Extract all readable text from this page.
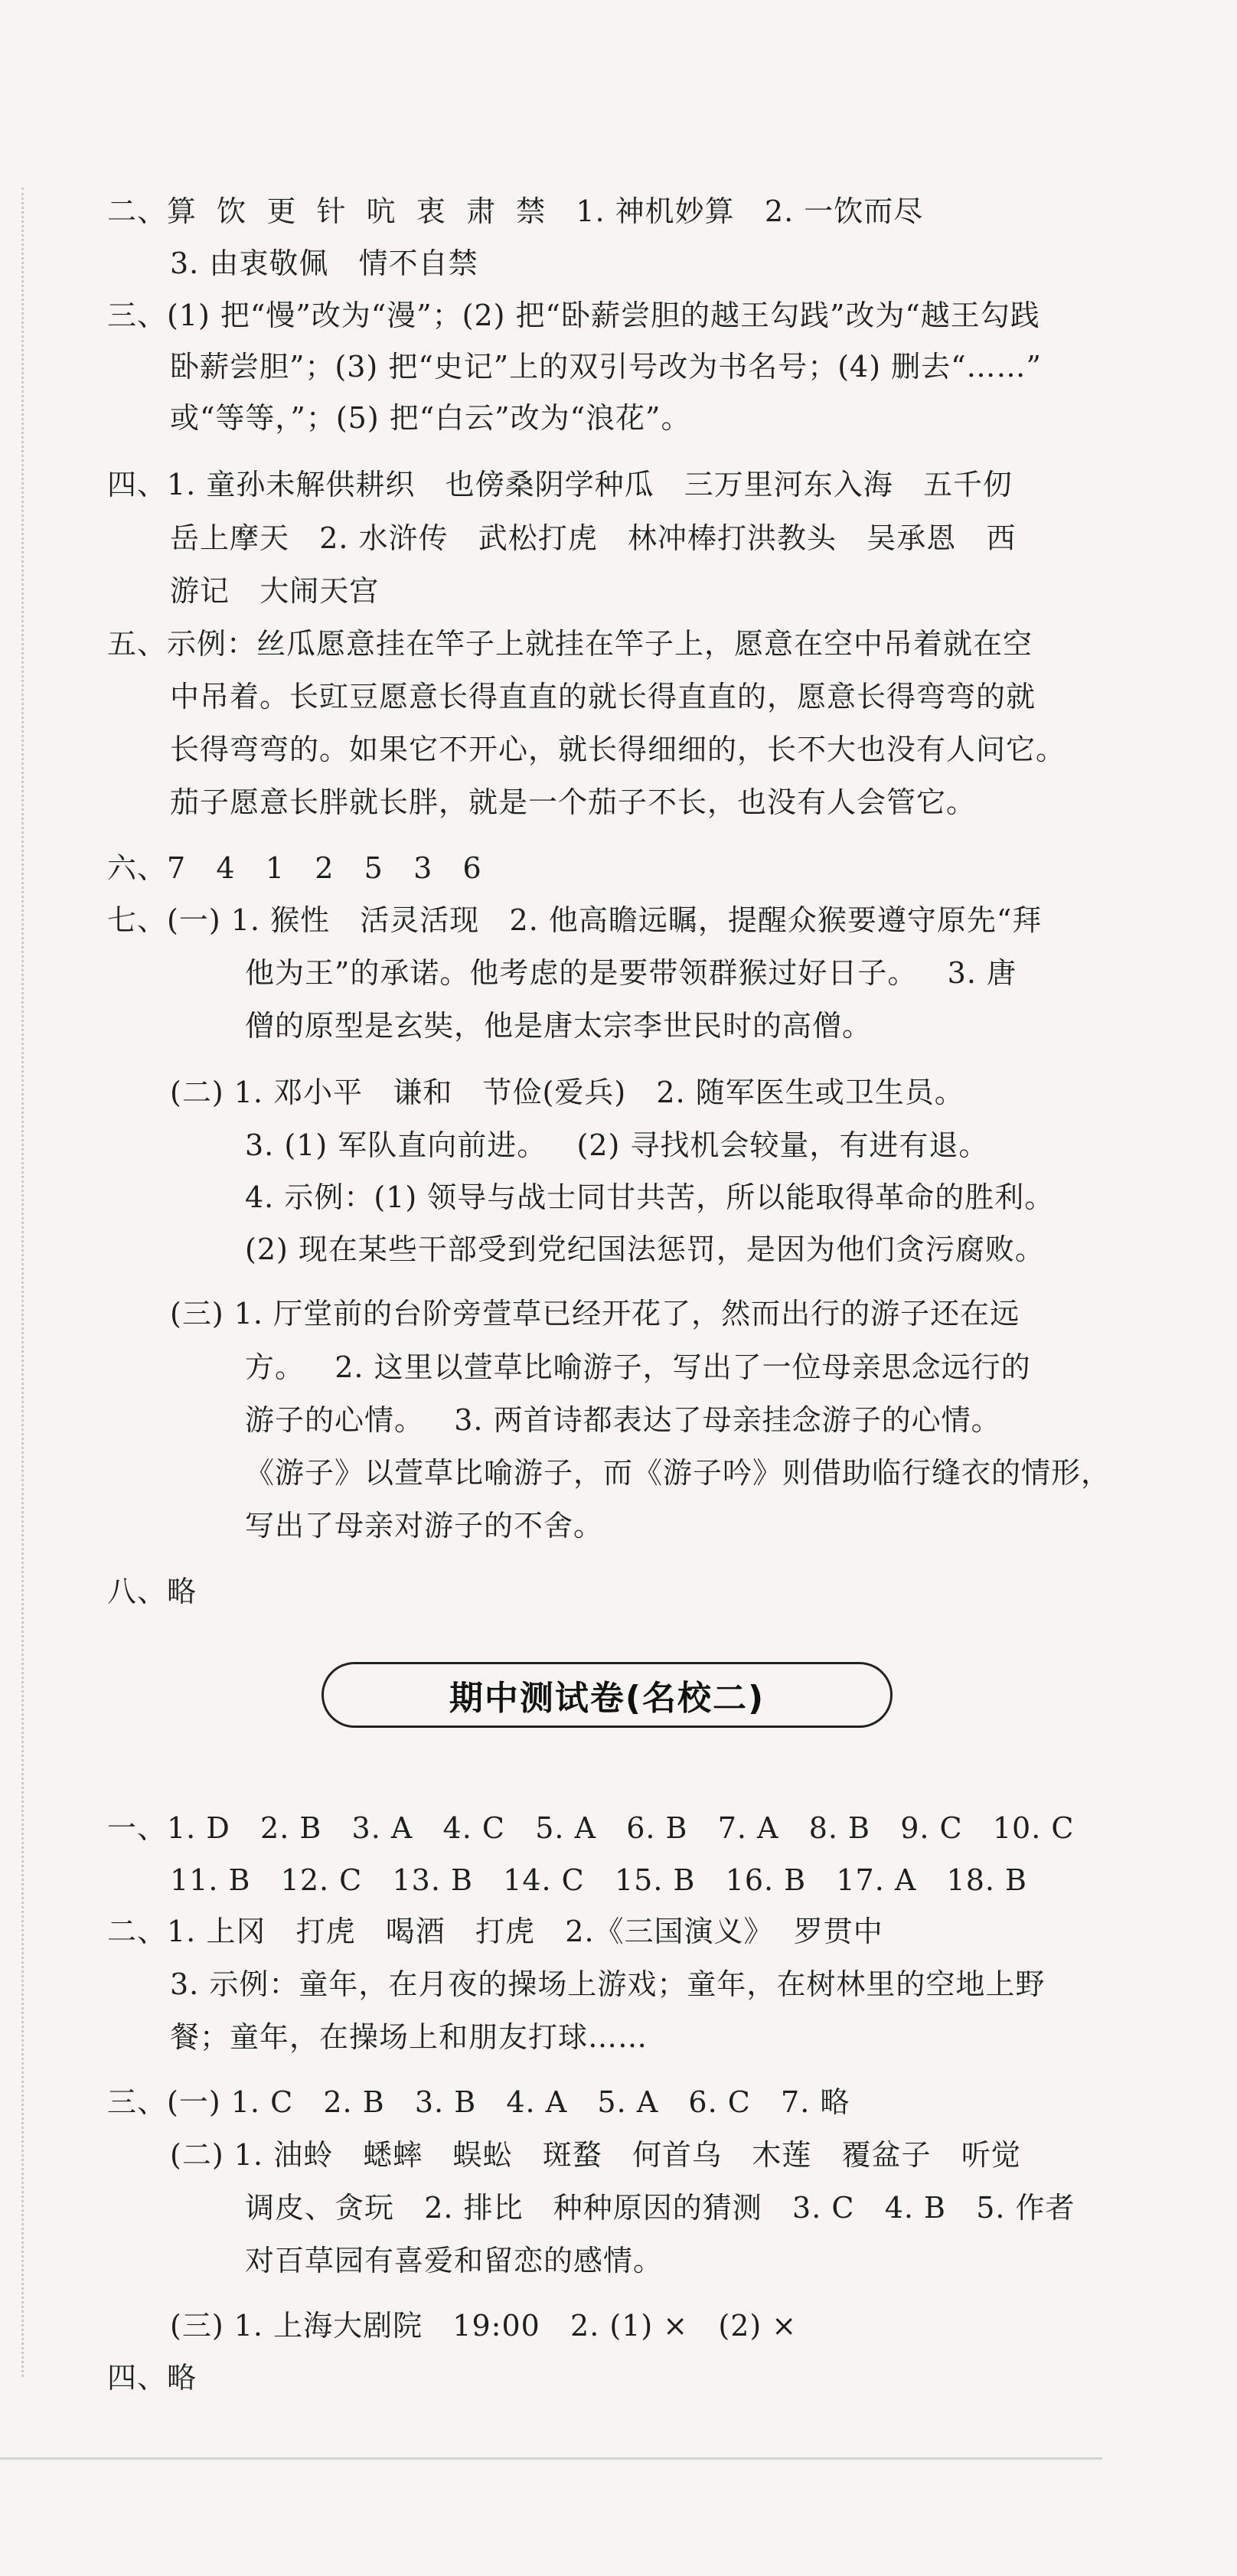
二、算  饮  更  针  吭  衷  肃  禁   1. 神机妙算   2. 一饮而尽
3. 由衷敬佩   情不自禁
三、(1) 把“慢”改为“漫”；(2) 把“卧薪尝胆的越王勾践”改为“越王勾践
卧薪尝胆”；(3) 把“史记”上的双引号改为书名号；(4) 删去“……”
或“等等，”；(5) 把“白云”改为“浪花”。
四、1. 童孙未解供耕织   也傍桑阴学种瓜   三万里河东入海   五千仞
岳上摩天   2. 水浒传   武松打虎   林冲棒打洪教头   吴承恩   西
游记   大闹天宫
五、示例：丝瓜愿意挂在竿子上就挂在竿子上，愿意在空中吊着就在空
中吊着。长豇豆愿意长得直直的就长得直直的，愿意长得弯弯的就
长得弯弯的。如果它不开心，就长得细细的，长不大也没有人问它。
茄子愿意长胖就长胖，就是一个茄子不长，也没有人会管它。
六、7   4   1   2   5   3   6
七、(一) 1. 猴性   活灵活现   2. 他高瞻远瞩，提醒众猴要遵守原先“拜
他为王”的承诺。他考虑的是要带领群猴过好日子。   3. 唐
僧的原型是玄奘，他是唐太宗李世民时的高僧。
(二) 1. 邓小平   谦和   节俭(爱兵)   2. 随军医生或卫生员。
3. (1) 军队直向前进。   (2) 寻找机会较量，有进有退。
4. 示例：(1) 领导与战士同甘共苦，所以能取得革命的胜利。
(2) 现在某些干部受到党纪国法惩罚，是因为他们贪污腐败。
(三) 1. 厅堂前的台阶旁萱草已经开花了，然而出行的游子还在远
方。   2. 这里以萱草比喻游子，写出了一位母亲思念远行的
游子的心情。   3. 两首诗都表达了母亲挂念游子的心情。
《游子》以萱草比喻游子，而《游子吟》则借助临行缝衣的情形，
写出了母亲对游子的不舍。
八、略
期中测试卷(名校二)
一、1. D   2. B   3. A   4. C   5. A   6. B   7. A   8. B   9. C   10. C
11. B   12. C   13. B   14. C   15. B   16. B   17. A   18. B
二、1. 上冈   打虎   喝酒   打虎   2.《三国演义》  罗贯中
3. 示例：童年，在月夜的操场上游戏；童年，在树林里的空地上野
餐；童年，在操场上和朋友打球……
三、(一) 1. C   2. B   3. B   4. A   5. A   6. C   7. 略
(二) 1. 油蛉   蟋蟀   蜈蚣   斑蝥   何首乌   木莲   覆盆子   听觉
调皮、贪玩   2. 排比   种种原因的猜测   3. C   4. B   5. 作者
对百草园有喜爱和留恋的感情。
(三) 1. 上海大剧院   19:00   2. (1) ×   (2) ×
四、略
